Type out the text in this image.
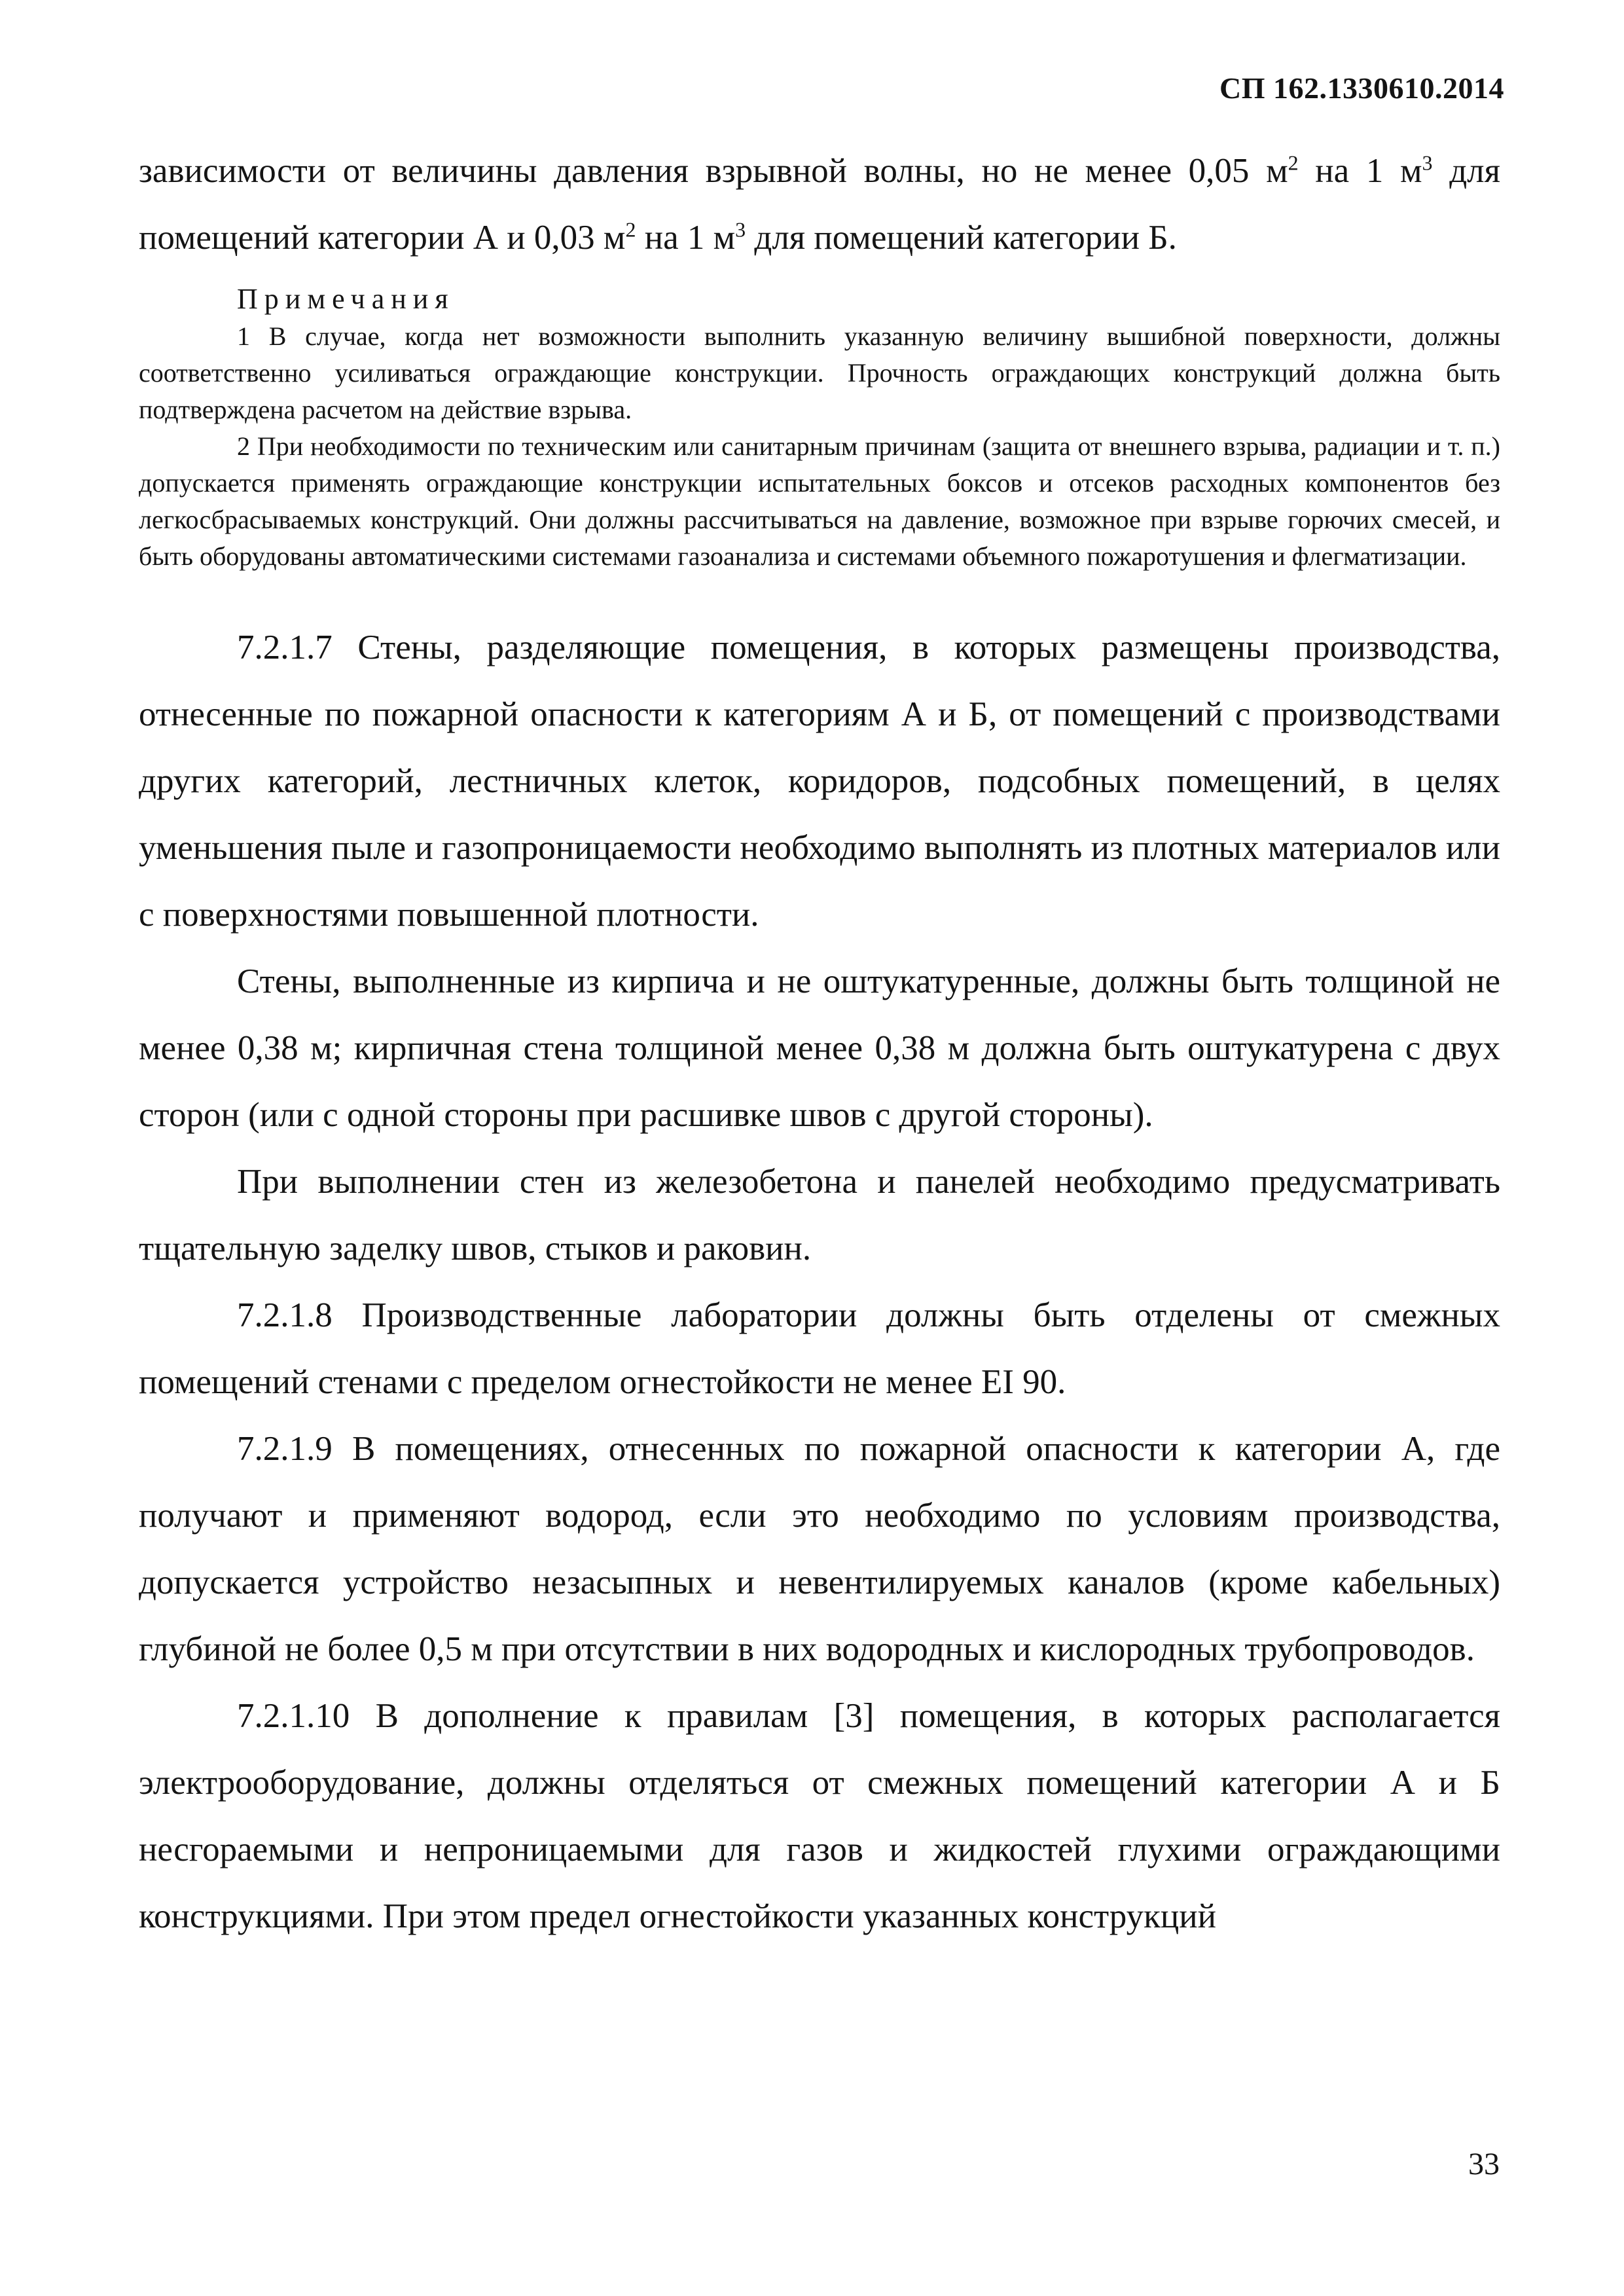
СП 162.1330610.2014

зависимости от величины давления взрывной волны, но не менее 0,05 $м^2$ на 1 $м^3$ для помещений категории А и 0,03 $м^2$ на 1 $м^3$ для помещений категории Б.

Примечания

1 В случае, когда нет возможности выполнить указанную величину вышибной поверхности, должны соответственно усиливаться ограждающие конструкции. Прочность ограждающих конструкций должна быть подтверждена расчетом на действие взрыва.

2 При необходимости по техническим или санитарным причинам (защита от внешнего взрыва, радиации и т. п.) допускается применять ограждающие конструкции испытательных боксов и отсеков расходных компонентов без легкосбрасываемых конструкций. Они должны рассчитываться на давление, возможное при взрыве горючих смесей, и быть оборудованы автоматическими системами газоанализа и системами объемного пожаротушения и флегматизации.

7.2.1.7 Стены, разделяющие помещения, в которых размещены производства, отнесенные по пожарной опасности к категориям А и Б, от помещений с производствами других категорий, лестничных клеток, коридоров, подсобных помещений, в целях уменьшения пыле и газопроницаемости необходимо выполнять из плотных материалов или с поверхностями повышенной плотности.

Стены, выполненные из кирпича и не оштукатуренные, должны быть толщиной не менее 0,38 м; кирпичная стена толщиной менее 0,38 м должна быть оштукатурена с двух сторон (или с одной стороны при расшивке швов с другой стороны).

При выполнении стен из железобетона и панелей необходимо предусматривать тщательную заделку швов, стыков и раковин.

7.2.1.8 Производственные лаборатории должны быть отделены от смежных помещений стенами с пределом огнестойкости не менее EI 90.

7.2.1.9 В помещениях, отнесенных по пожарной опасности к категории А, где получают и применяют водород, если это необходимо по условиям производства, допускается устройство незасыпных и невентилируемых каналов (кроме кабельных) глубиной не более 0,5 м при отсутствии в них водородных и кислородных трубопроводов.

7.2.1.10 В дополнение к правилам [3] помещения, в которых располагается электрооборудование, должны отделяться от смежных помещений категории А и Б несгораемыми и непроницаемыми для газов и жидкостей глухими ограждающими конструкциями. При этом предел огнестойкости указанных конструкций

33
